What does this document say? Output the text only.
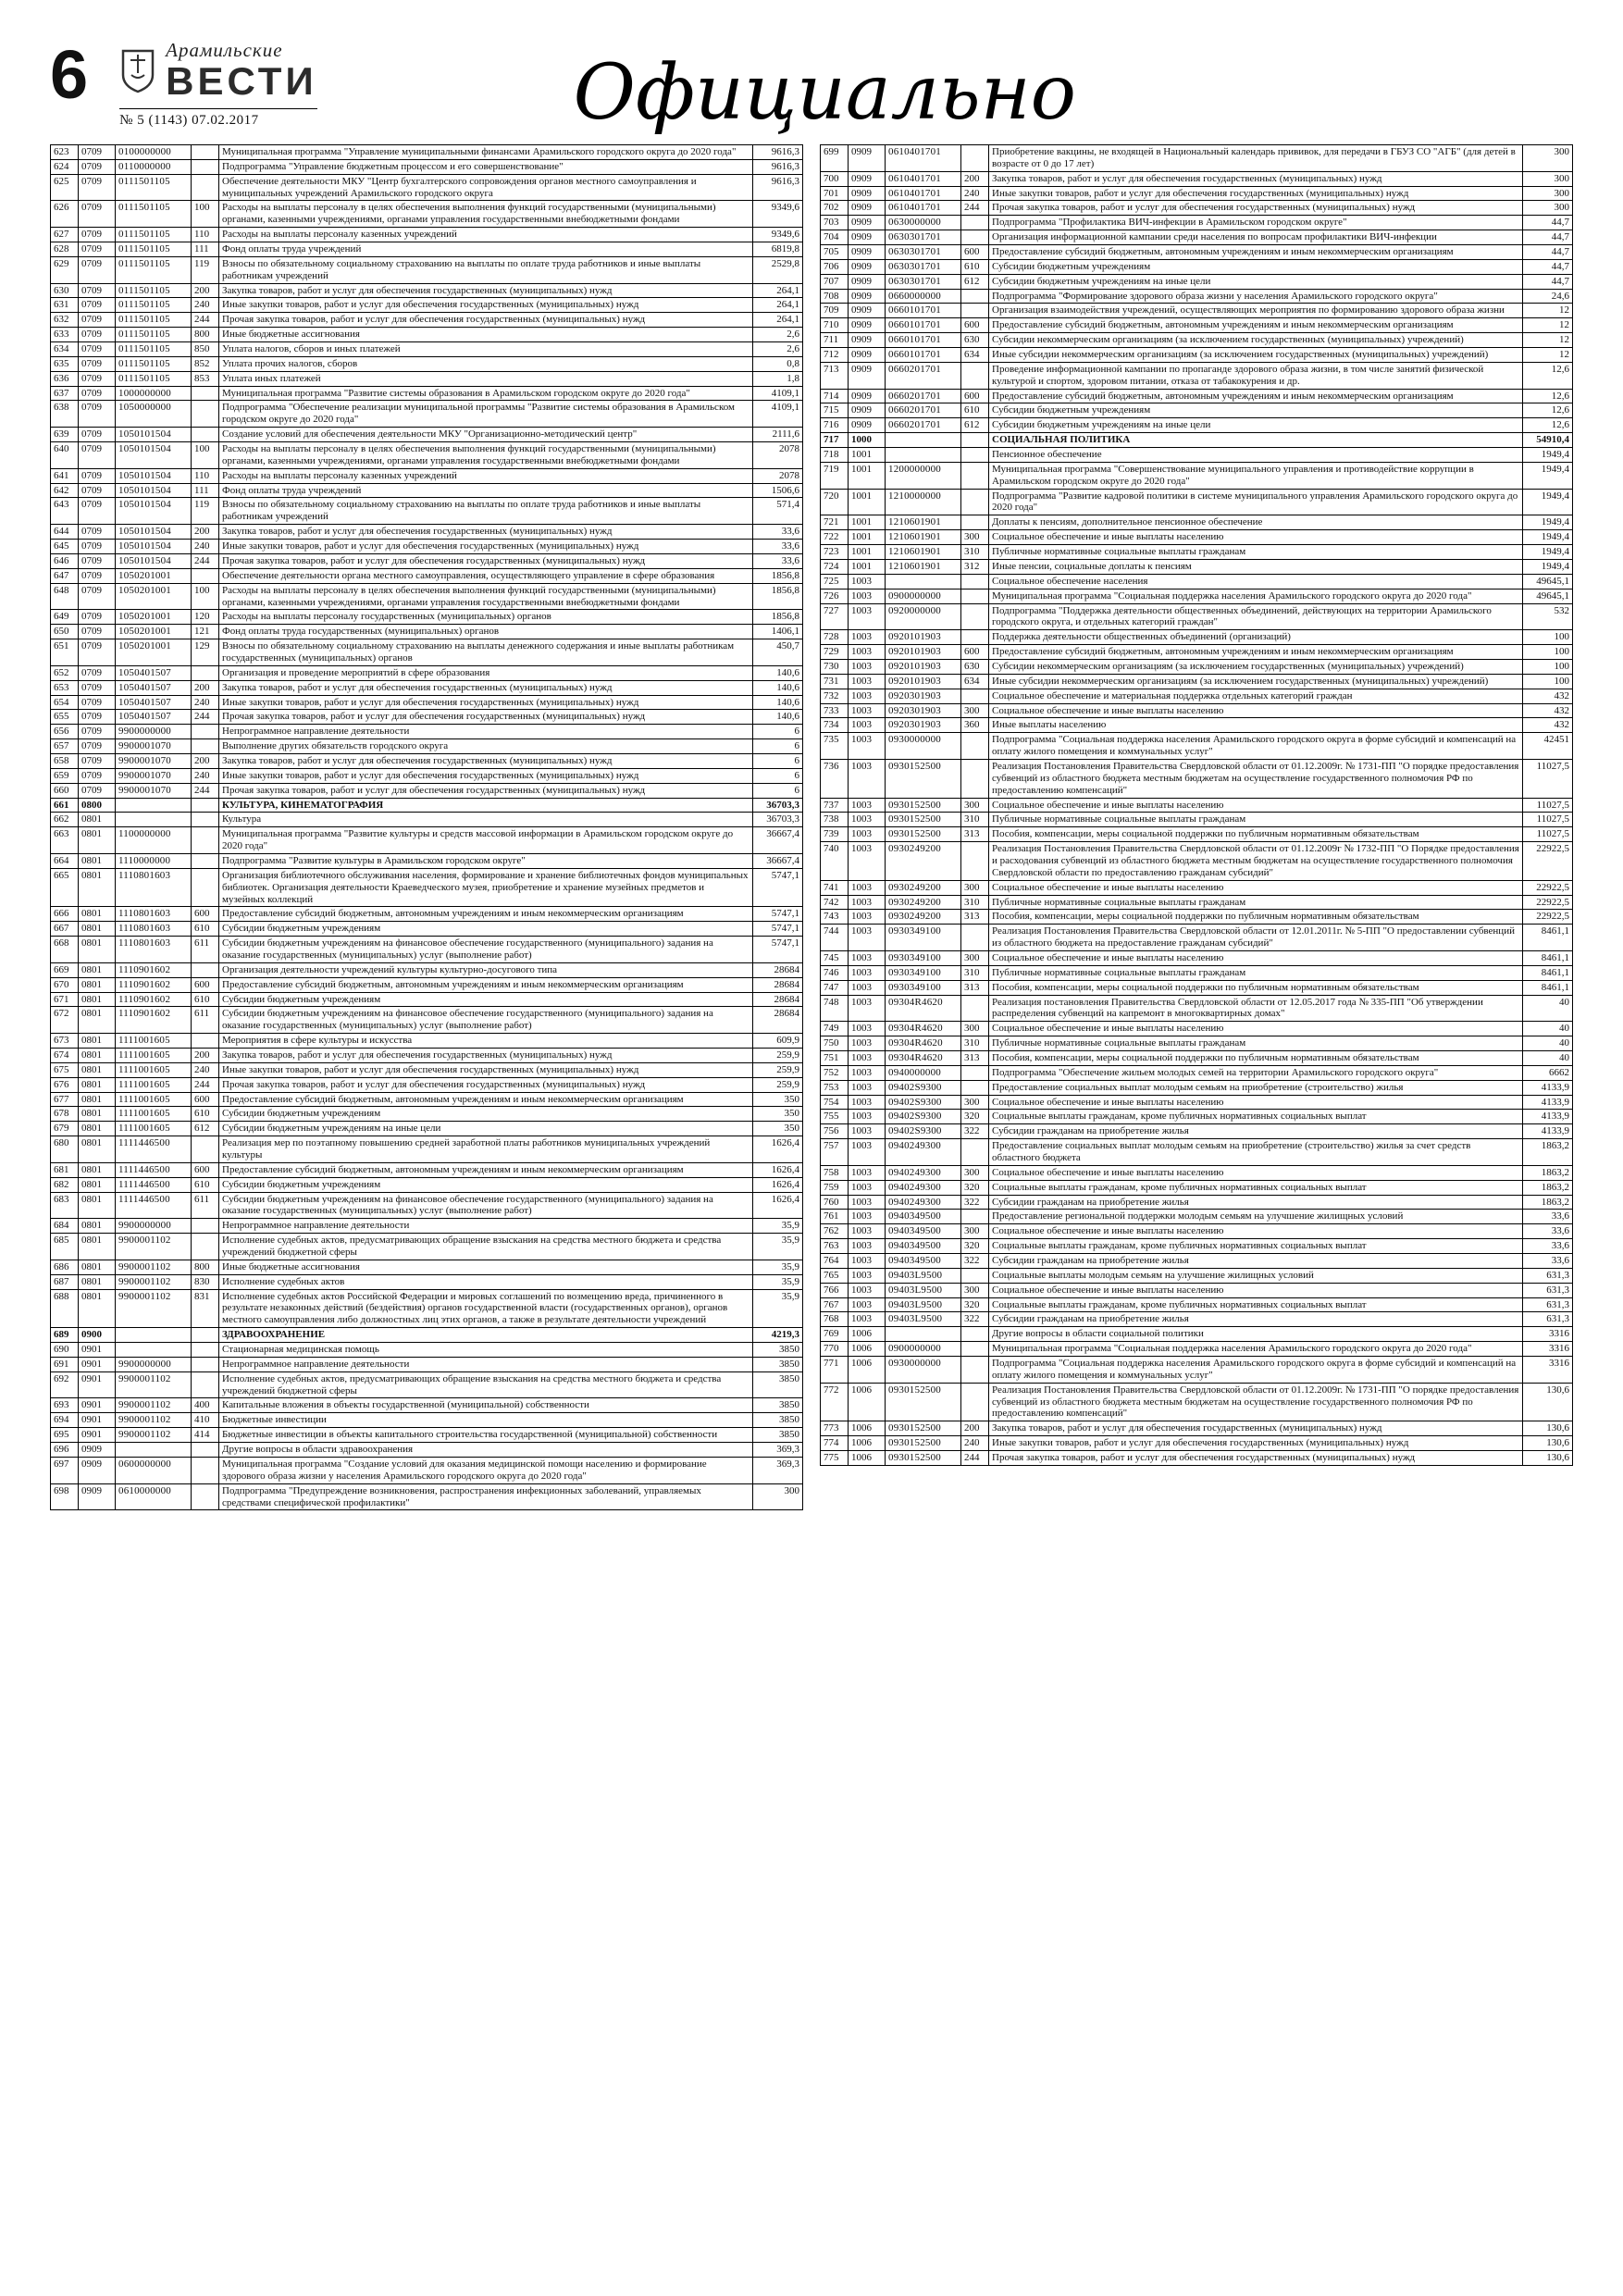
6	Арамильские
ВЕСТИ
№ 5 (1143) 07.02.2017	Официально
623	0709	0100000000		Муниципальная программа "Управление муниципальными финансами Арамильского городского округа до 2020 года"	9616,3
624	0709	0110000000		Подпрограмма "Управление бюджетным процессом и его совершенствование"	9616,3
625	0709	0111501105		Обеспечение деятельности МКУ "Центр бухгалтерского сопровождения органов местного самоуправления и муниципальных учреждений Арамильского городского округа	9616,3
626	0709	0111501105	100	Расходы на выплаты персоналу в целях обеспечения выполнения функций государственными (муниципальными) органами, казенными учреждениями, органами управления государственными внебюджетными фондами	9349,6
627	0709	0111501105	110	Расходы на выплаты персоналу казенных учреждений	9349,6
628	0709	0111501105	111	Фонд оплаты труда учреждений	6819,8
629	0709	0111501105	119	Взносы по обязательному социальному страхованию на выплаты по оплате труда работников и иные выплаты работникам учреждений	2529,8
630	0709	0111501105	200	Закупка товаров, работ и услуг для обеспечения государственных (муниципальных) нужд	264,1
631	0709	0111501105	240	Иные закупки товаров, работ и услуг для обеспечения государственных (муниципальных) нужд	264,1
632	0709	0111501105	244	Прочая закупка товаров, работ и услуг для обеспечения государственных (муниципальных) нужд	264,1
633	0709	0111501105	800	Иные бюджетные ассигнования	2,6
634	0709	0111501105	850	Уплата налогов, сборов и иных платежей	2,6
635	0709	0111501105	852	Уплата прочих налогов, сборов	0,8
636	0709	0111501105	853	Уплата иных платежей	1,8
637	0709	1000000000		Муниципальная программа "Развитие системы образования в Арамильском городском округе до 2020 года"	4109,1
638	0709	1050000000		Подпрограмма "Обеспечение реализации муниципальной программы "Развитие системы образования в Арамильском городском округе до 2020 года"	4109,1
639	0709	1050101504		Создание условий для обеспечения деятельности МКУ "Организационно-методический центр"	2111,6
640	0709	1050101504	100	Расходы на выплаты персоналу в целях обеспечения выполнения функций государственными (муниципальными) органами, казенными учреждениями, органами управления государственными внебюджетными фондами	2078
641	0709	1050101504	110	Расходы на выплаты персоналу казенных учреждений	2078
642	0709	1050101504	111	Фонд оплаты труда учреждений	1506,6
643	0709	1050101504	119	Взносы по обязательному социальному страхованию на выплаты по оплате труда работников и иные выплаты работникам учреждений	571,4
644	0709	1050101504	200	Закупка товаров, работ и услуг для обеспечения государственных (муниципальных) нужд	33,6
645	0709	1050101504	240	Иные закупки товаров, работ и услуг для обеспечения государственных (муниципальных) нужд	33,6
646	0709	1050101504	244	Прочая закупка товаров, работ и услуг для обеспечения государственных (муниципальных) нужд	33,6
647	0709	1050201001		Обеспечение деятельности органа местного самоуправления, осуществляющего управление в сфере образования	1856,8
648	0709	1050201001	100	Расходы на выплаты персоналу в целях обеспечения выполнения функций государственными (муниципальными) органами, казенными учреждениями, органами управления государственными внебюджетными фондами	1856,8
649	0709	1050201001	120	Расходы на выплаты персоналу государственных (муниципальных) органов	1856,8
650	0709	1050201001	121	Фонд оплаты труда государственных (муниципальных) органов	1406,1
651	0709	1050201001	129	Взносы по обязательному социальному страхованию на выплаты денежного содержания и иные выплаты работникам государственных (муниципальных) органов	450,7
652	0709	1050401507		Организация и проведение мероприятий в сфере образования	140,6
653	0709	1050401507	200	Закупка товаров, работ и услуг для обеспечения государственных (муниципальных) нужд	140,6
654	0709	1050401507	240	Иные закупки товаров, работ и услуг для обеспечения государственных (муниципальных) нужд	140,6
655	0709	1050401507	244	Прочая закупка товаров, работ и услуг для обеспечения государственных (муниципальных) нужд	140,6
656	0709	9900000000		Непрограммное направление деятельности	6
657	0709	9900001070		Выполнение других обязательств городского округа	6
658	0709	9900001070	200	Закупка товаров, работ и услуг для обеспечения государственных (муниципальных) нужд	6
659	0709	9900001070	240	Иные закупки товаров, работ и услуг для обеспечения государственных (муниципальных) нужд	6
660	0709	9900001070	244	Прочая закупка товаров, работ и услуг для обеспечения государственных (муниципальных) нужд	6
661	0800			КУЛЬТУРА, КИНЕМАТОГРАФИЯ	36703,3
662	0801			Культура	36703,3
663	0801	1100000000		Муниципальная программа "Развитие культуры и средств массовой информации в Арамильском городском округе до 2020 года"	36667,4
664	0801	1110000000		Подпрограмма "Развитие культуры в Арамильском городском округе"	36667,4
665	0801	1110801603		Организация библиотечного обслуживания населения, формирование и хранение библиотечных фондов муниципальных библиотек. Организация деятельности Краеведческого музея, приобретение и хранение музейных предметов и музейных коллекций	5747,1
666	0801	1110801603	600	Предоставление субсидий бюджетным, автономным учреждениям и иным некоммерческим организациям	5747,1
667	0801	1110801603	610	Субсидии бюджетным учреждениям	5747,1
668	0801	1110801603	611	Субсидии бюджетным учреждениям на финансовое обеспечение государственного (муниципального) задания на оказание государственных (муниципальных) услуг (выполнение работ)	5747,1
669	0801	1110901602		Организация деятельности учреждений культуры культурно-досугового типа	28684
670	0801	1110901602	600	Предоставление субсидий бюджетным, автономным учреждениям и иным некоммерческим организациям	28684
671	0801	1110901602	610	Субсидии бюджетным учреждениям	28684
672	0801	1110901602	611	Субсидии бюджетным учреждениям на финансовое обеспечение государственного (муниципального) задания на оказание государственных (муниципальных) услуг (выполнение работ)	28684
673	0801	1111001605		Мероприятия в сфере культуры и искусства	609,9
674	0801	1111001605	200	Закупка товаров, работ и услуг для обеспечения государственных (муниципальных) нужд	259,9
675	0801	1111001605	240	Иные закупки товаров, работ и услуг для обеспечения государственных (муниципальных) нужд	259,9
676	0801	1111001605	244	Прочая закупка товаров, работ и услуг для обеспечения государственных (муниципальных) нужд	259,9
677	0801	1111001605	600	Предоставление субсидий бюджетным, автономным учреждениям и иным некоммерческим организациям	350
678	0801	1111001605	610	Субсидии бюджетным учреждениям	350
679	0801	1111001605	612	Субсидии бюджетным учреждениям на иные цели	350
680	0801	1111446500		Реализация мер по поэтапному повышению средней заработной платы работников муниципальных учреждений культуры	1626,4
681	0801	1111446500	600	Предоставление субсидий бюджетным, автономным учреждениям и иным некоммерческим организациям	1626,4
682	0801	1111446500	610	Субсидии бюджетным учреждениям	1626,4
683	0801	1111446500	611	Субсидии бюджетным учреждениям на финансовое обеспечение государственного (муниципального) задания на оказание государственных (муниципальных) услуг (выполнение работ)	1626,4
684	0801	9900000000		Непрограммное направление деятельности	35,9
685	0801	9900001102		Исполнение судебных актов, предусматривающих обращение взыскания на средства местного бюджета и средства учреждений бюджетной сферы	35,9
686	0801	9900001102	800	Иные бюджетные ассигнования	35,9
687	0801	9900001102	830	Исполнение судебных актов	35,9
688	0801	9900001102	831	Исполнение судебных актов Российской Федерации и мировых соглашений по возмещению вреда, причиненного в результате незаконных действий (бездействия) органов государственной власти (государственных органов), органов местного самоуправления либо должностных лиц этих органов, а также в результате деятельности учреждений	35,9
689	0900			ЗДРАВООХРАНЕНИЕ	4219,3
690	0901			Стационарная медицинская помощь	3850
691	0901	9900000000		Непрограммное направление деятельности	3850
692	0901	9900001102		Исполнение судебных актов, предусматривающих обращение взыскания на средства местного бюджета и средства учреждений бюджетной сферы	3850
693	0901	9900001102	400	Капитальные вложения в объекты государственной (муниципальной) собственности	3850
694	0901	9900001102	410	Бюджетные инвестиции	3850
695	0901	9900001102	414	Бюджетные инвестиции в объекты капитального строительства государственной (муниципальной) собственности	3850
696	0909			Другие вопросы в области здравоохранения	369,3
697	0909	0600000000		Муниципальная программа "Создание условий для оказания медицинской помощи населению и формирование здорового образа жизни у населения Арамильского городского округа до 2020 года"	369,3
698	0909	0610000000		Подпрограмма "Предупреждение возникновения, распространения инфекционных заболеваний, управляемых средствами специфической профилактики"	300
699	0909	0610401701		Приобретение вакцины, не входящей в Национальный календарь прививок, для передачи в ГБУЗ СО "АГБ" (для детей в возрасте от 0 до 17 лет)	300
700	0909	0610401701	200	Закупка товаров, работ и услуг для обеспечения государственных (муниципальных) нужд	300
701	0909	0610401701	240	Иные закупки товаров, работ и услуг для обеспечения государственных (муниципальных) нужд	300
702	0909	0610401701	244	Прочая закупка товаров, работ и услуг для обеспечения государственных (муниципальных) нужд	300
703	0909	0630000000		Подпрограмма "Профилактика ВИЧ-инфекции в Арамильском городском округе"	44,7
704	0909	0630301701		Организация информационной кампании среди населения по вопросам профилактики ВИЧ-инфекции	44,7
705	0909	0630301701	600	Предоставление субсидий бюджетным, автономным учреждениям и иным некоммерческим организациям	44,7
706	0909	0630301701	610	Субсидии бюджетным учреждениям	44,7
707	0909	0630301701	612	Субсидии бюджетным учреждениям на иные цели	44,7
708	0909	0660000000		Подпрограмма "Формирование здорового образа жизни у населения Арамильского городского округа"	24,6
709	0909	0660101701		Организация взаимодействия учреждений, осуществляющих мероприятия по формированию здорового образа жизни	12
710	0909	0660101701	600	Предоставление субсидий бюджетным, автономным учреждениям и иным некоммерческим организациям	12
711	0909	0660101701	630	Субсидии некоммерческим организациям (за исключением государственных (муниципальных) учреждений)	12
712	0909	0660101701	634	Иные субсидии некоммерческим организациям (за исключением государственных (муниципальных) учреждений)	12
713	0909	0660201701		Проведение информационной кампании по пропаганде здорового образа жизни, в том числе занятий физической культурой и спортом, здоровом питании, отказа от табакокурения и др.	12,6
714	0909	0660201701	600	Предоставление субсидий бюджетным, автономным учреждениям и иным некоммерческим организациям	12,6
715	0909	0660201701	610	Субсидии бюджетным учреждениям	12,6
716	0909	0660201701	612	Субсидии бюджетным учреждениям на иные цели	12,6
717	1000			СОЦИАЛЬНАЯ ПОЛИТИКА	54910,4
718	1001			Пенсионное обеспечение	1949,4
719	1001	1200000000		Муниципальная программа "Совершенствование муниципального управления и противодействие коррупции в Арамильском городском округе до 2020 года"	1949,4
720	1001	1210000000		Подпрограмма "Развитие кадровой политики в системе муниципального управления Арамильского городского округа до 2020 года"	1949,4
721	1001	1210601901		Доплаты к пенсиям, дополнительное пенсионное обеспечение	1949,4
722	1001	1210601901	300	Социальное обеспечение и иные выплаты населению	1949,4
723	1001	1210601901	310	Публичные нормативные социальные выплаты гражданам	1949,4
724	1001	1210601901	312	Иные пенсии, социальные доплаты к пенсиям	1949,4
725	1003			Социальное обеспечение населения	49645,1
726	1003	0900000000		Муниципальная программа "Социальная поддержка населения Арамильского городского округа до 2020 года"	49645,1
727	1003	0920000000		Подпрограмма "Поддержка деятельности общественных объединений, действующих на территории Арамильского городского округа, и отдельных категорий граждан"	532
728	1003	0920101903		Поддержка деятельности общественных объединений (организаций)	100
729	1003	0920101903	600	Предоставление субсидий бюджетным, автономным учреждениям и иным некоммерческим организациям	100
730	1003	0920101903	630	Субсидии некоммерческим организациям (за исключением государственных (муниципальных) учреждений)	100
731	1003	0920101903	634	Иные субсидии некоммерческим организациям (за исключением государственных (муниципальных) учреждений)	100
732	1003	0920301903		Социальное обеспечение и материальная поддержка отдельных категорий граждан	432
733	1003	0920301903	300	Социальное обеспечение и иные выплаты населению	432
734	1003	0920301903	360	Иные выплаты населению	432
735	1003	0930000000		Подпрограмма "Социальная поддержка населения Арамильского городского округа в форме субсидий и компенсаций на оплату жилого помещения и коммунальных услуг"	42451
736	1003	0930152500		Реализация Постановления Правительства Свердловской области от 01.12.2009г. № 1731-ПП "О порядке предоставления субвенций из областного бюджета местным бюджетам на осуществление государственного полномочия РФ по предоставлению компенсаций"	11027,5
737	1003	0930152500	300	Социальное обеспечение и иные выплаты населению	11027,5
738	1003	0930152500	310	Публичные нормативные социальные выплаты гражданам	11027,5
739	1003	0930152500	313	Пособия, компенсации, меры социальной поддержки по публичным нормативным обязательствам	11027,5
740	1003	0930249200		Реализация Постановления Правительства Свердловской области от 01.12.2009г № 1732-ПП "О Порядке предоставления и расходования субвенций из областного бюджета местным бюджетам на осуществление государственного полномочия Свердловской области по предоставлению гражданам субсидий"	22922,5
741	1003	0930249200	300	Социальное обеспечение и иные выплаты населению	22922,5
742	1003	0930249200	310	Публичные нормативные социальные выплаты гражданам	22922,5
743	1003	0930249200	313	Пособия, компенсации, меры социальной поддержки по публичным нормативным обязательствам	22922,5
744	1003	0930349100		Реализация Постановления Правительства Свердловской области от 12.01.2011г. № 5-ПП "О предоставлении субвенций из областного бюджета на предоставление гражданам субсидий"	8461,1
745	1003	0930349100	300	Социальное обеспечение и иные выплаты населению	8461,1
746	1003	0930349100	310	Публичные нормативные социальные выплаты гражданам	8461,1
747	1003	0930349100	313	Пособия, компенсации, меры социальной поддержки по публичным нормативным обязательствам	8461,1
748	1003	09304R4620		Реализация постановления Правительства Свердловской области от 12.05.2017 года № 335-ПП "Об утверждении распределения субвенций на капремонт в многоквартирных домах"	40
749	1003	09304R4620	300	Социальное обеспечение и иные выплаты населению	40
750	1003	09304R4620	310	Публичные нормативные социальные выплаты гражданам	40
751	1003	09304R4620	313	Пособия, компенсации, меры социальной поддержки по публичным нормативным обязательствам	40
752	1003	0940000000		Подпрограмма "Обеспечение жильем молодых семей на территории Арамильского городского округа"	6662
753	1003	09402S9300		Предоставление социальных выплат молодым семьям на приобретение (строительство) жилья	4133,9
754	1003	09402S9300	300	Социальное обеспечение и иные выплаты населению	4133,9
755	1003	09402S9300	320	Социальные выплаты гражданам, кроме публичных нормативных социальных выплат	4133,9
756	1003	09402S9300	322	Субсидии гражданам на приобретение жилья	4133,9
757	1003	0940249300		Предоставление социальных выплат молодым семьям на приобретение (строительство) жилья за счет средств областного бюджета	1863,2
758	1003	0940249300	300	Социальное обеспечение и иные выплаты населению	1863,2
759	1003	0940249300	320	Социальные выплаты гражданам, кроме публичных нормативных социальных выплат	1863,2
760	1003	0940249300	322	Субсидии гражданам на приобретение жилья	1863,2
761	1003	0940349500		Предоставление региональной поддержки молодым семьям на улучшение жилищных условий	33,6
762	1003	0940349500	300	Социальное обеспечение и иные выплаты населению	33,6
763	1003	0940349500	320	Социальные выплаты гражданам, кроме публичных нормативных социальных выплат	33,6
764	1003	0940349500	322	Субсидии гражданам на приобретение жилья	33,6
765	1003	09403L9500		Социальные выплаты молодым семьям на улучшение жилищных условий	631,3
766	1003	09403L9500	300	Социальное обеспечение и иные выплаты населению	631,3
767	1003	09403L9500	320	Социальные выплаты гражданам, кроме публичных нормативных социальных выплат	631,3
768	1003	09403L9500	322	Субсидии гражданам на приобретение жилья	631,3
769	1006			Другие вопросы в области социальной политики	3316
770	1006	0900000000		Муниципальная программа "Социальная поддержка населения Арамильского городского округа до 2020 года"	3316
771	1006	0930000000		Подпрограмма "Социальная поддержка населения Арамильского городского округа в форме субсидий и компенсаций на оплату жилого помещения и коммунальных услуг"	3316
772	1006	0930152500		Реализация Постановления Правительства Свердловской области от 01.12.2009г. № 1731-ПП "О порядке предоставления субвенций из областного бюджета местным бюджетам на осуществление государственного полномочия РФ по предоставлению компенсаций"	130,6
773	1006	0930152500	200	Закупка товаров, работ и услуг для обеспечения государственных (муниципальных) нужд	130,6
774	1006	0930152500	240	Иные закупки товаров, работ и услуг для обеспечения государственных (муниципальных) нужд	130,6
775	1006	0930152500	244	Прочая закупка товаров, работ и услуг для обеспечения государственных (муниципальных) нужд	130,6
